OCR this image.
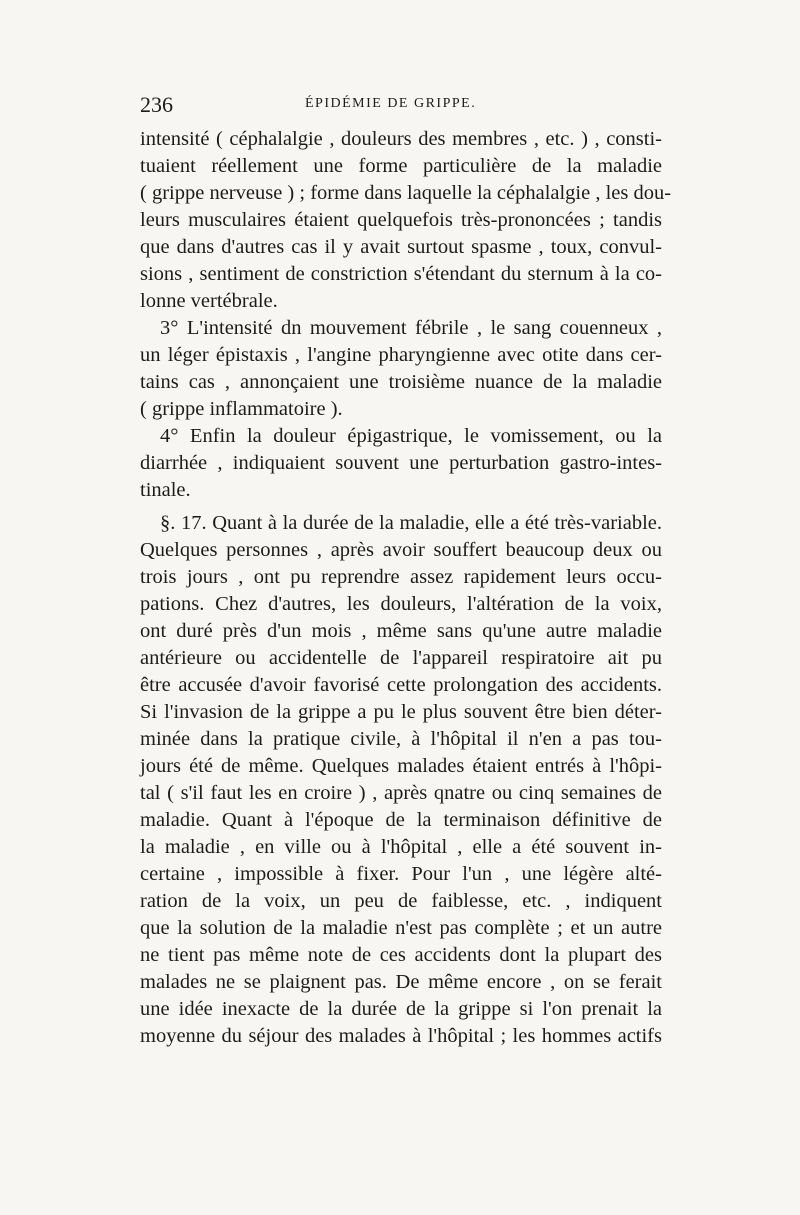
236	ÉPIDÉMIE DE GRIPPE.
intensité ( céphalalgie , douleurs des membres , etc. ) , consti-
tuaient réellement une forme particulière de la maladie
( grippe nerveuse ) ; forme dans laquelle la céphalalgie , les dou-
leurs musculaires étaient quelquefois très-prononcées ; tandis
que dans d'autres cas il y avait surtout spasme , toux, convul-
sions , sentiment de constriction s'étendant du sternum à la co-
lonne vertébrale.
3° L'intensité dn mouvement fébrile , le sang couenneux ,
un léger épistaxis , l'angine pharyngienne avec otite dans cer-
tains cas , annonçaient une troisième nuance de la maladie
( grippe inflammatoire ).
4° Enfin la douleur épigastrique, le vomissement, ou la
diarrhée , indiquaient souvent une perturbation gastro-intes-
tinale.
§. 17. Quant à la durée de la maladie, elle a été très-variable.
Quelques personnes , après avoir souffert beaucoup deux ou
trois jours , ont pu reprendre assez rapidement leurs occu-
pations. Chez d'autres, les douleurs, l'altération de la voix,
ont duré près d'un mois , même sans qu'une autre maladie
antérieure ou accidentelle de l'appareil respiratoire ait pu
être accusée d'avoir favorisé cette prolongation des accidents.
Si l'invasion de la grippe a pu le plus souvent être bien déter-
minée dans la pratique civile, à l'hôpital il n'en a pas tou-
jours été de même. Quelques malades étaient entrés à l'hôpi-
tal ( s'il faut les en croire ) , après qnatre ou cinq semaines de
maladie. Quant à l'époque de la terminaison définitive de
la maladie , en ville ou à l'hôpital , elle a été souvent in-
certaine , impossible à fixer. Pour l'un , une légère alté-
ration de la voix, un peu de faiblesse, etc. , indiquent
que la solution de la maladie n'est pas complète ; et un autre
ne tient pas même note de ces accidents dont la plupart des
malades ne se plaignent pas. De même encore , on se ferait
une idée inexacte de la durée de la grippe si l'on prenait la
moyenne du séjour des malades à l'hôpital ; les hommes actifs
